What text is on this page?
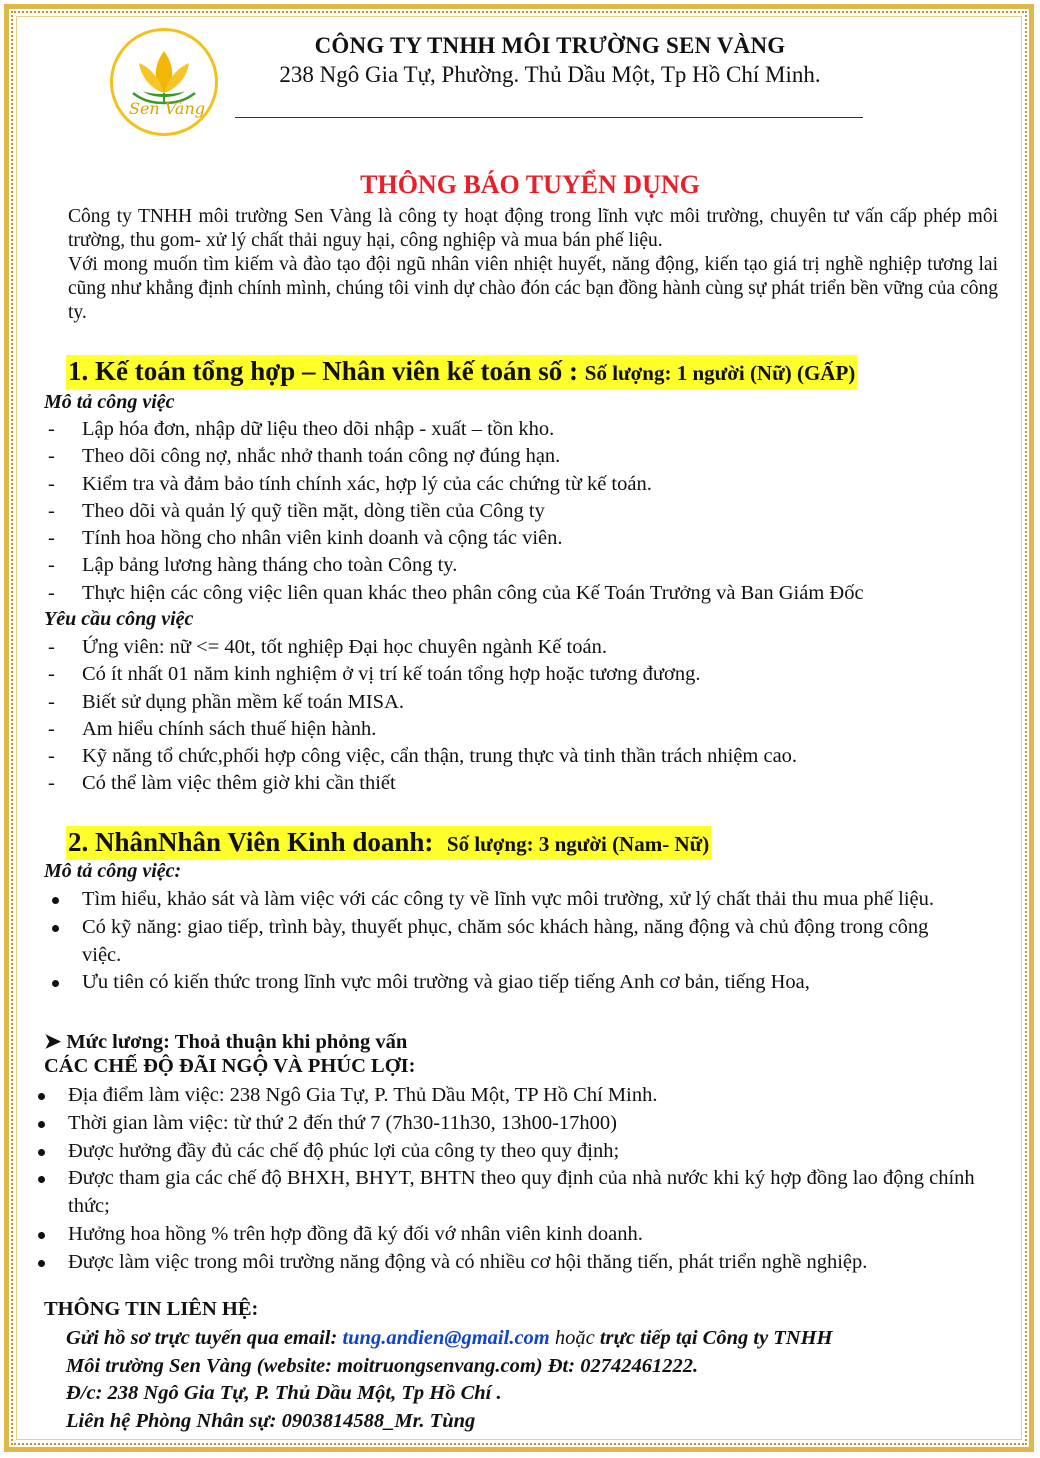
Sen Vàng
CÔNG TY TNHH MÔI TRƯỜNG SEN VÀNG
238 Ngô Gia Tự, Phường. Thủ Dầu Một, Tp Hồ Chí Minh.
THÔNG BÁO TUYỂN DỤNG

Công ty TNHH môi trường Sen Vàng là công ty hoạt động trong lĩnh vực môi trường, chuyên tư vấn cấp phép môi trường, thu gom- xử lý chất thải nguy hại, công nghiệp và mua bán phế liệu.

Với mong muốn tìm kiếm và đào tạo đội ngũ nhân viên nhiệt huyết, năng động, kiến tạo giá trị nghề nghiệp tương lai cũng như khẳng định chính mình, chúng tôi vinh dự chào đón các bạn đồng hành cùng sự phát triển bền vững của công ty.

1. Kế toán tổng hợp – Nhân viên kế toán số : Số lượng: 1 người (Nữ) (GẤP)
Mô tả công việc
- Lập hóa đơn, nhập dữ liệu theo dõi nhập - xuất – tồn kho.
- Theo dõi công nợ, nhắc nhở thanh toán công nợ đúng hạn.
- Kiểm tra và đảm bảo tính chính xác, hợp lý của các chứng từ kế toán.
- Theo dõi và quản lý quỹ tiền mặt, dòng tiền của Công ty
- Tính hoa hồng cho nhân viên kinh doanh và cộng tác viên.
- Lập bảng lương hàng tháng cho toàn Công ty.
- Thực hiện các công việc liên quan khác theo phân công của Kế Toán Trưởng và Ban Giám Đốc
Yêu cầu công việc
- Ứng viên: nữ <= 40t, tốt nghiệp Đại học chuyên ngành Kế toán.
- Có ít nhất 01 năm kinh nghiệm ở vị trí kế toán tổng hợp hoặc tương đương.
- Biết sử dụng phần mềm kế toán MISA.
- Am hiểu chính sách thuế hiện hành.
- Kỹ năng tổ chức,phối hợp công việc, cẩn thận, trung thực và tinh thần trách nhiệm cao.
- Có thể làm việc thêm giờ khi cần thiết
2. NhânNhân Viên Kinh doanh: Số lượng: 3 người (Nam- Nữ)
Mô tả công việc:
Tìm hiểu, khảo sát và làm việc với các công ty về lĩnh vực môi trường, xử lý chất thải thu mua phế liệu.
Có kỹ năng: giao tiếp, trình bày, thuyết phục, chăm sóc khách hàng, năng động và chủ động trong công việc.
Ưu tiên có kiến thức trong lĩnh vực môi trường và giao tiếp tiếng Anh cơ bản, tiếng Hoa,
➤ Mức lương: Thoả thuận khi phỏng vấn
CÁC CHẾ ĐỘ ĐÃI NGỘ VÀ PHÚC LỢI:
Địa điểm làm việc: 238 Ngô Gia Tự, P. Thủ Dầu Một, TP Hồ Chí Minh.
Thời gian làm việc: từ thứ 2 đến thứ 7 (7h30-11h30, 13h00-17h00)
Được hưởng đầy đủ các chế độ phúc lợi của công ty theo quy định;
Được tham gia các chế độ BHXH, BHYT, BHTN theo quy định của nhà nước khi ký hợp đồng lao động chính thức;
Hưởng hoa hồng % trên hợp đồng đã ký đối vớ nhân viên kinh doanh.
Được làm việc trong môi trường năng động và có nhiều cơ hội thăng tiến, phát triển nghề nghiệp.
THÔNG TIN LIÊN HỆ:
Gửi hồ sơ trực tuyến qua email: tung.andien@gmail.com hoặc trực tiếp tại Công ty TNHH
Môi trường Sen Vàng (website: moitruongsenvang.com) Đt: 02742461222.
Đ/c: 238 Ngô Gia Tự, P. Thủ Dầu Một, Tp Hồ Chí .
Liên hệ Phòng Nhân sự: 0903814588_Mr. Tùng
